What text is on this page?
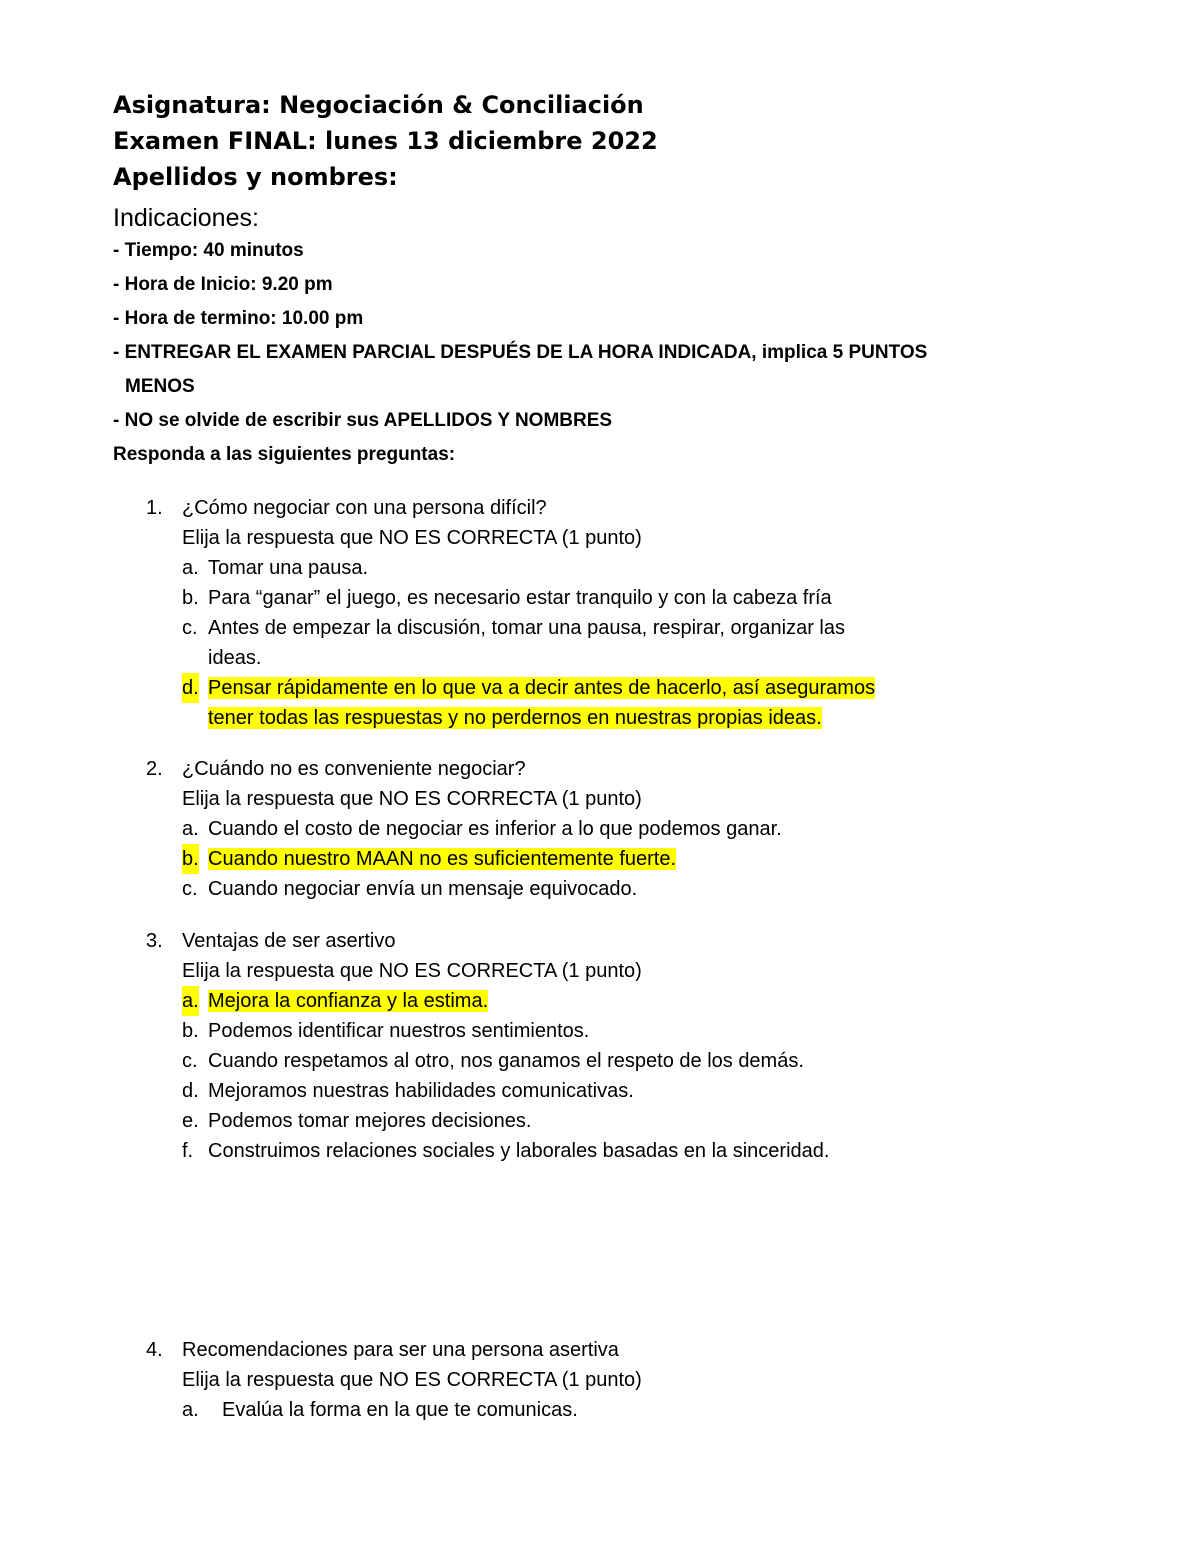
Asignatura: Negociación & Conciliación
Examen FINAL: lunes 13 diciembre 2022
Apellidos y nombres:
Indicaciones:
- Tiempo: 40 minutos
- Hora de Inicio: 9.20 pm
- Hora de termino: 10.00 pm
- ENTREGAR EL EXAMEN PARCIAL DESPUÉS DE LA HORA INDICADA, implica 5 PUNTOS
MENOS
- NO se olvide de escribir sus APELLIDOS Y NOMBRES
Responda a las siguientes preguntas:
1. ¿Cómo negociar con una persona difícil?
Elija la respuesta que NO ES CORRECTA (1 punto)
a. Tomar una pausa.
b. Para “ganar” el juego, es necesario estar tranquilo y con la cabeza fría
c. Antes de empezar la discusión, tomar una pausa, respirar, organizar las
ideas.
d. Pensar rápidamente en lo que va a decir antes de hacerlo, así aseguramos
tener todas las respuestas y no perdernos en nuestras propias ideas.
2. ¿Cuándo no es conveniente negociar?
Elija la respuesta que NO ES CORRECTA (1 punto)
a. Cuando el costo de negociar es inferior a lo que podemos ganar.
b. Cuando nuestro MAAN no es suficientemente fuerte.
c. Cuando negociar envía un mensaje equivocado.
3. Ventajas de ser asertivo
Elija la respuesta que NO ES CORRECTA (1 punto)
a. Mejora la confianza y la estima.
b. Podemos identificar nuestros sentimientos.
c. Cuando respetamos al otro, nos ganamos el respeto de los demás.
d. Mejoramos nuestras habilidades comunicativas.
e. Podemos tomar mejores decisiones.
f. Construimos relaciones sociales y laborales basadas en la sinceridad.
4. Recomendaciones para ser una persona asertiva
Elija la respuesta que NO ES CORRECTA (1 punto)
a. Evalúa la forma en la que te comunicas.
